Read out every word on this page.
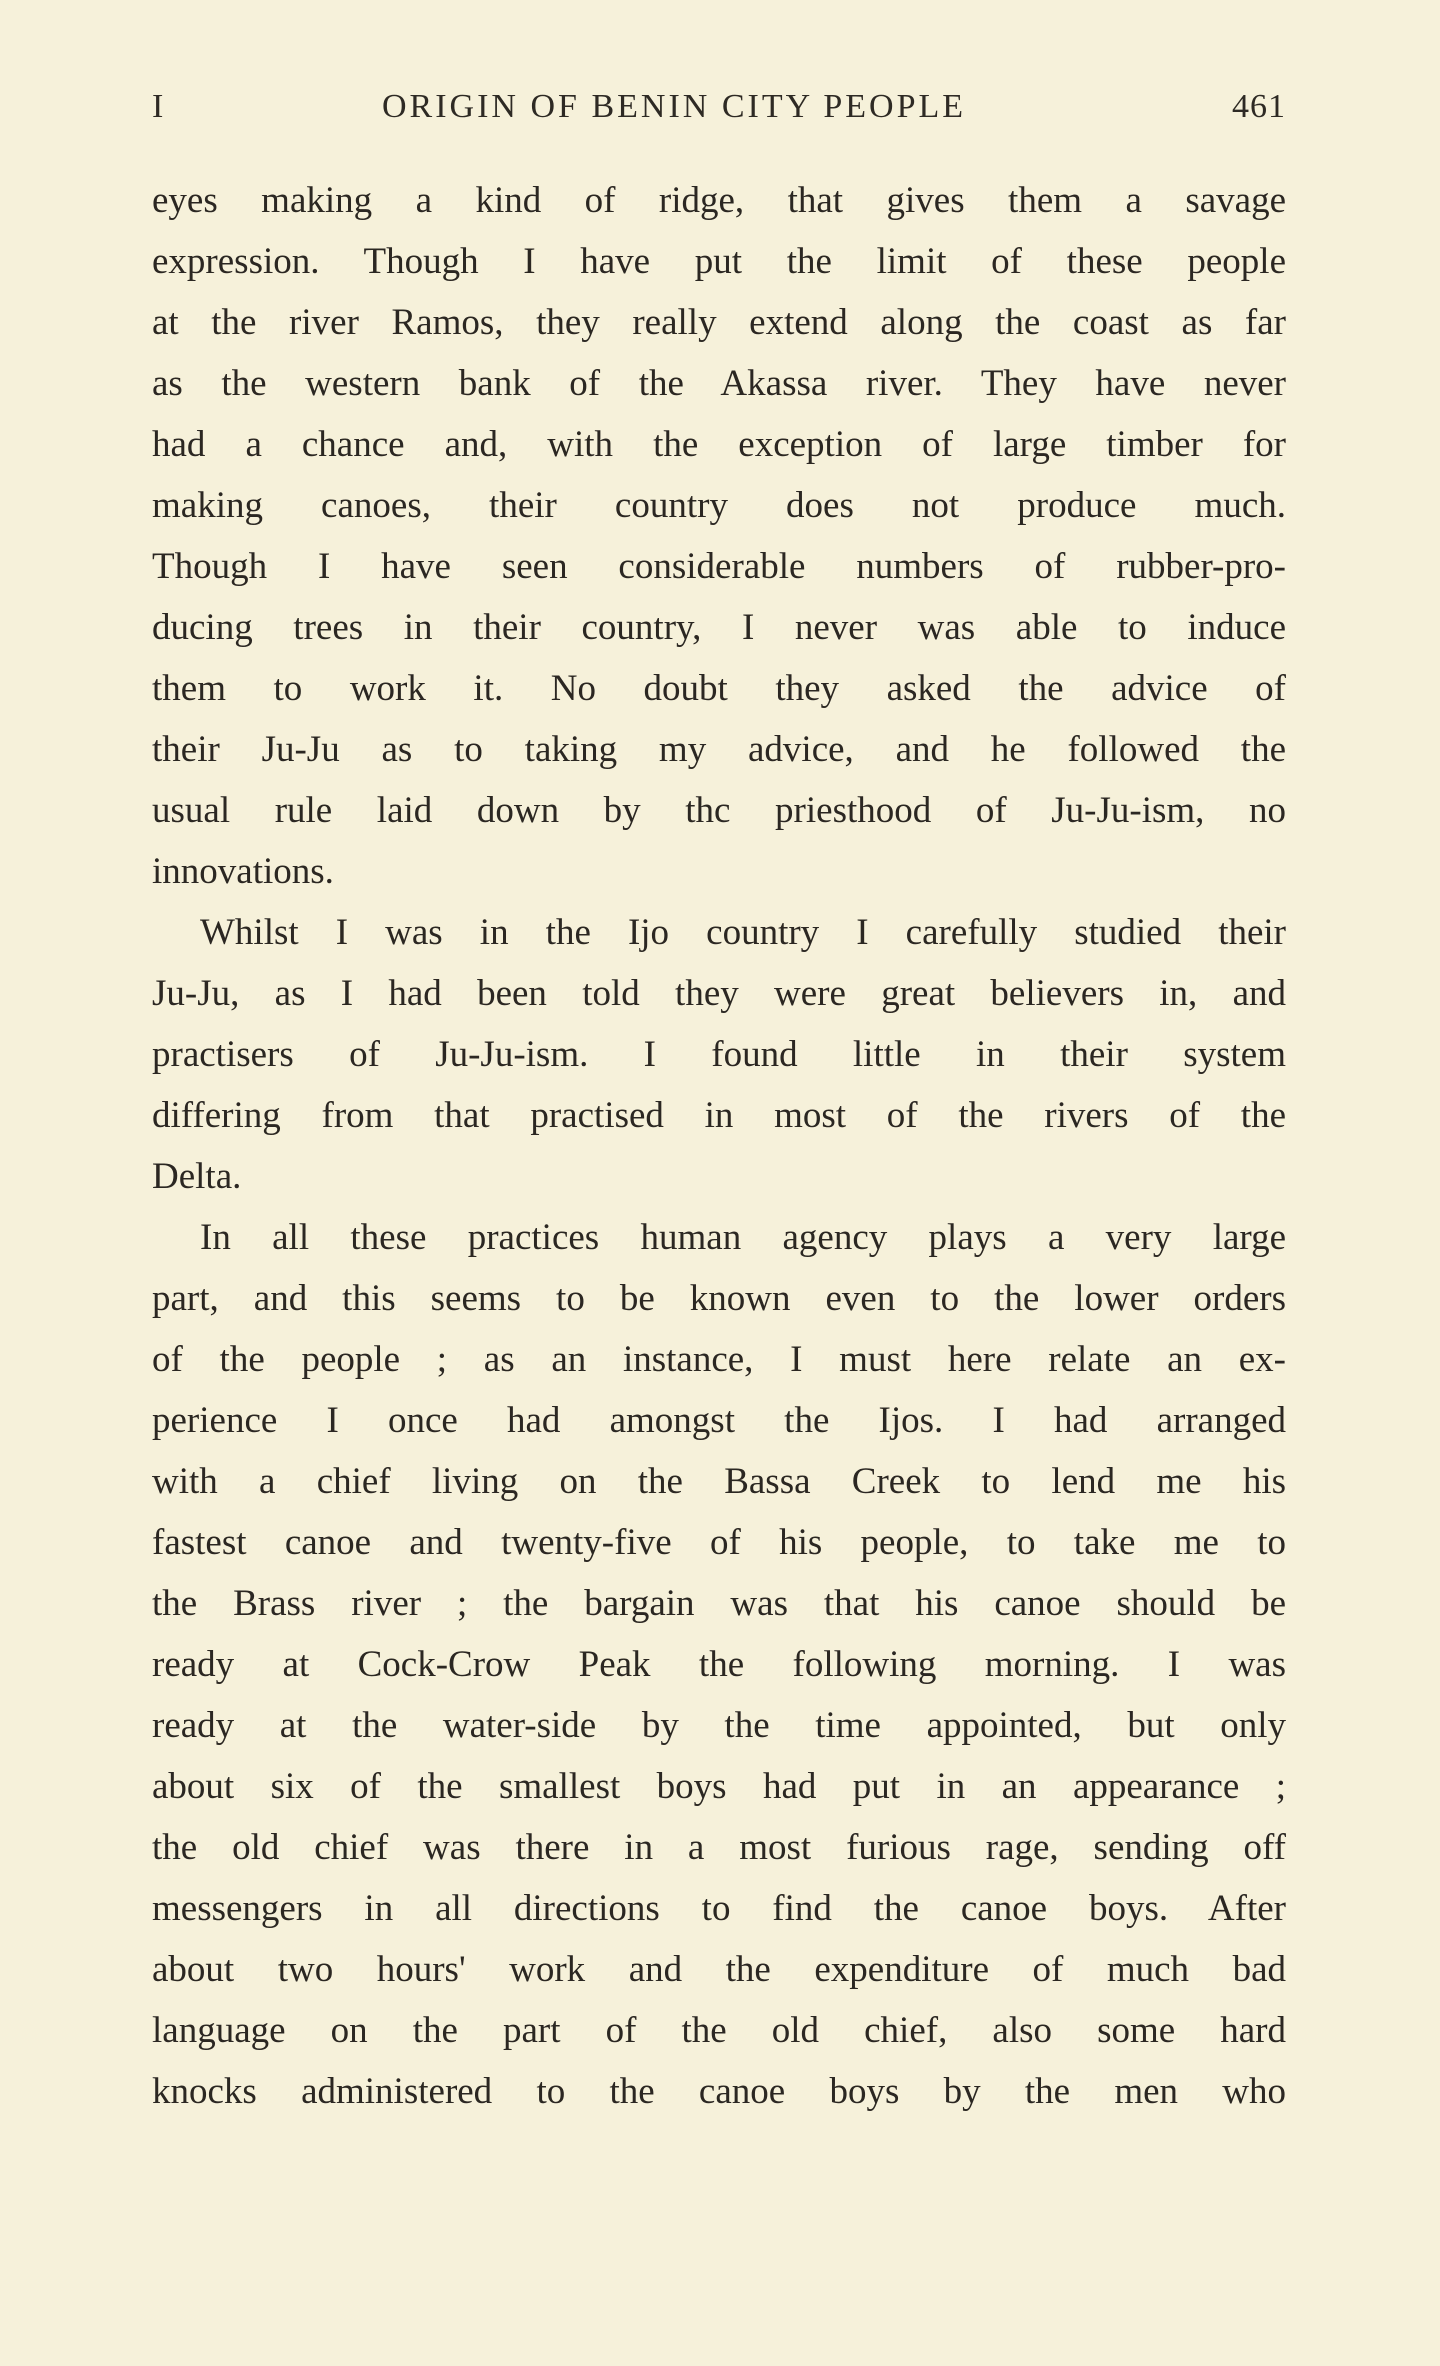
I	ORIGIN OF BENIN CITY PEOPLE	461
eyes making a kind of ridge, that gives them a savage
expression. Though I have put the limit of these people
at the river Ramos, they really extend along the coast as far
as the western bank of the Akassa river. They have never
had a chance and, with the exception of large timber for
making canoes, their country does not produce much.
Though I have seen considerable numbers of rubber-pro-
ducing trees in their country, I never was able to induce
them to work it. No doubt they asked the advice of
their Ju-Ju as to taking my advice, and he followed the
usual rule laid down by thc priesthood of Ju-Ju-ism, no
innovations.
Whilst I was in the Ijo country I carefully studied their
Ju-Ju, as I had been told they were great believers in, and
practisers of Ju-Ju-ism. I found little in their system
differing from that practised in most of the rivers of the
Delta.
In all these practices human agency plays a very large
part, and this seems to be known even to the lower orders
of the people ; as an instance, I must here relate an ex-
perience I once had amongst the Ijos. I had arranged
with a chief living on the Bassa Creek to lend me his
fastest canoe and twenty-five of his people, to take me to
the Brass river ; the bargain was that his canoe should be
ready at Cock-Crow Peak the following morning. I was
ready at the water-side by the time appointed, but only
about six of the smallest boys had put in an appearance ;
the old chief was there in a most furious rage, sending off
messengers in all directions to find the canoe boys. After
about two hours' work and the expenditure of much bad
language on the part of the old chief, also some hard
knocks administered to the canoe boys by the men who
